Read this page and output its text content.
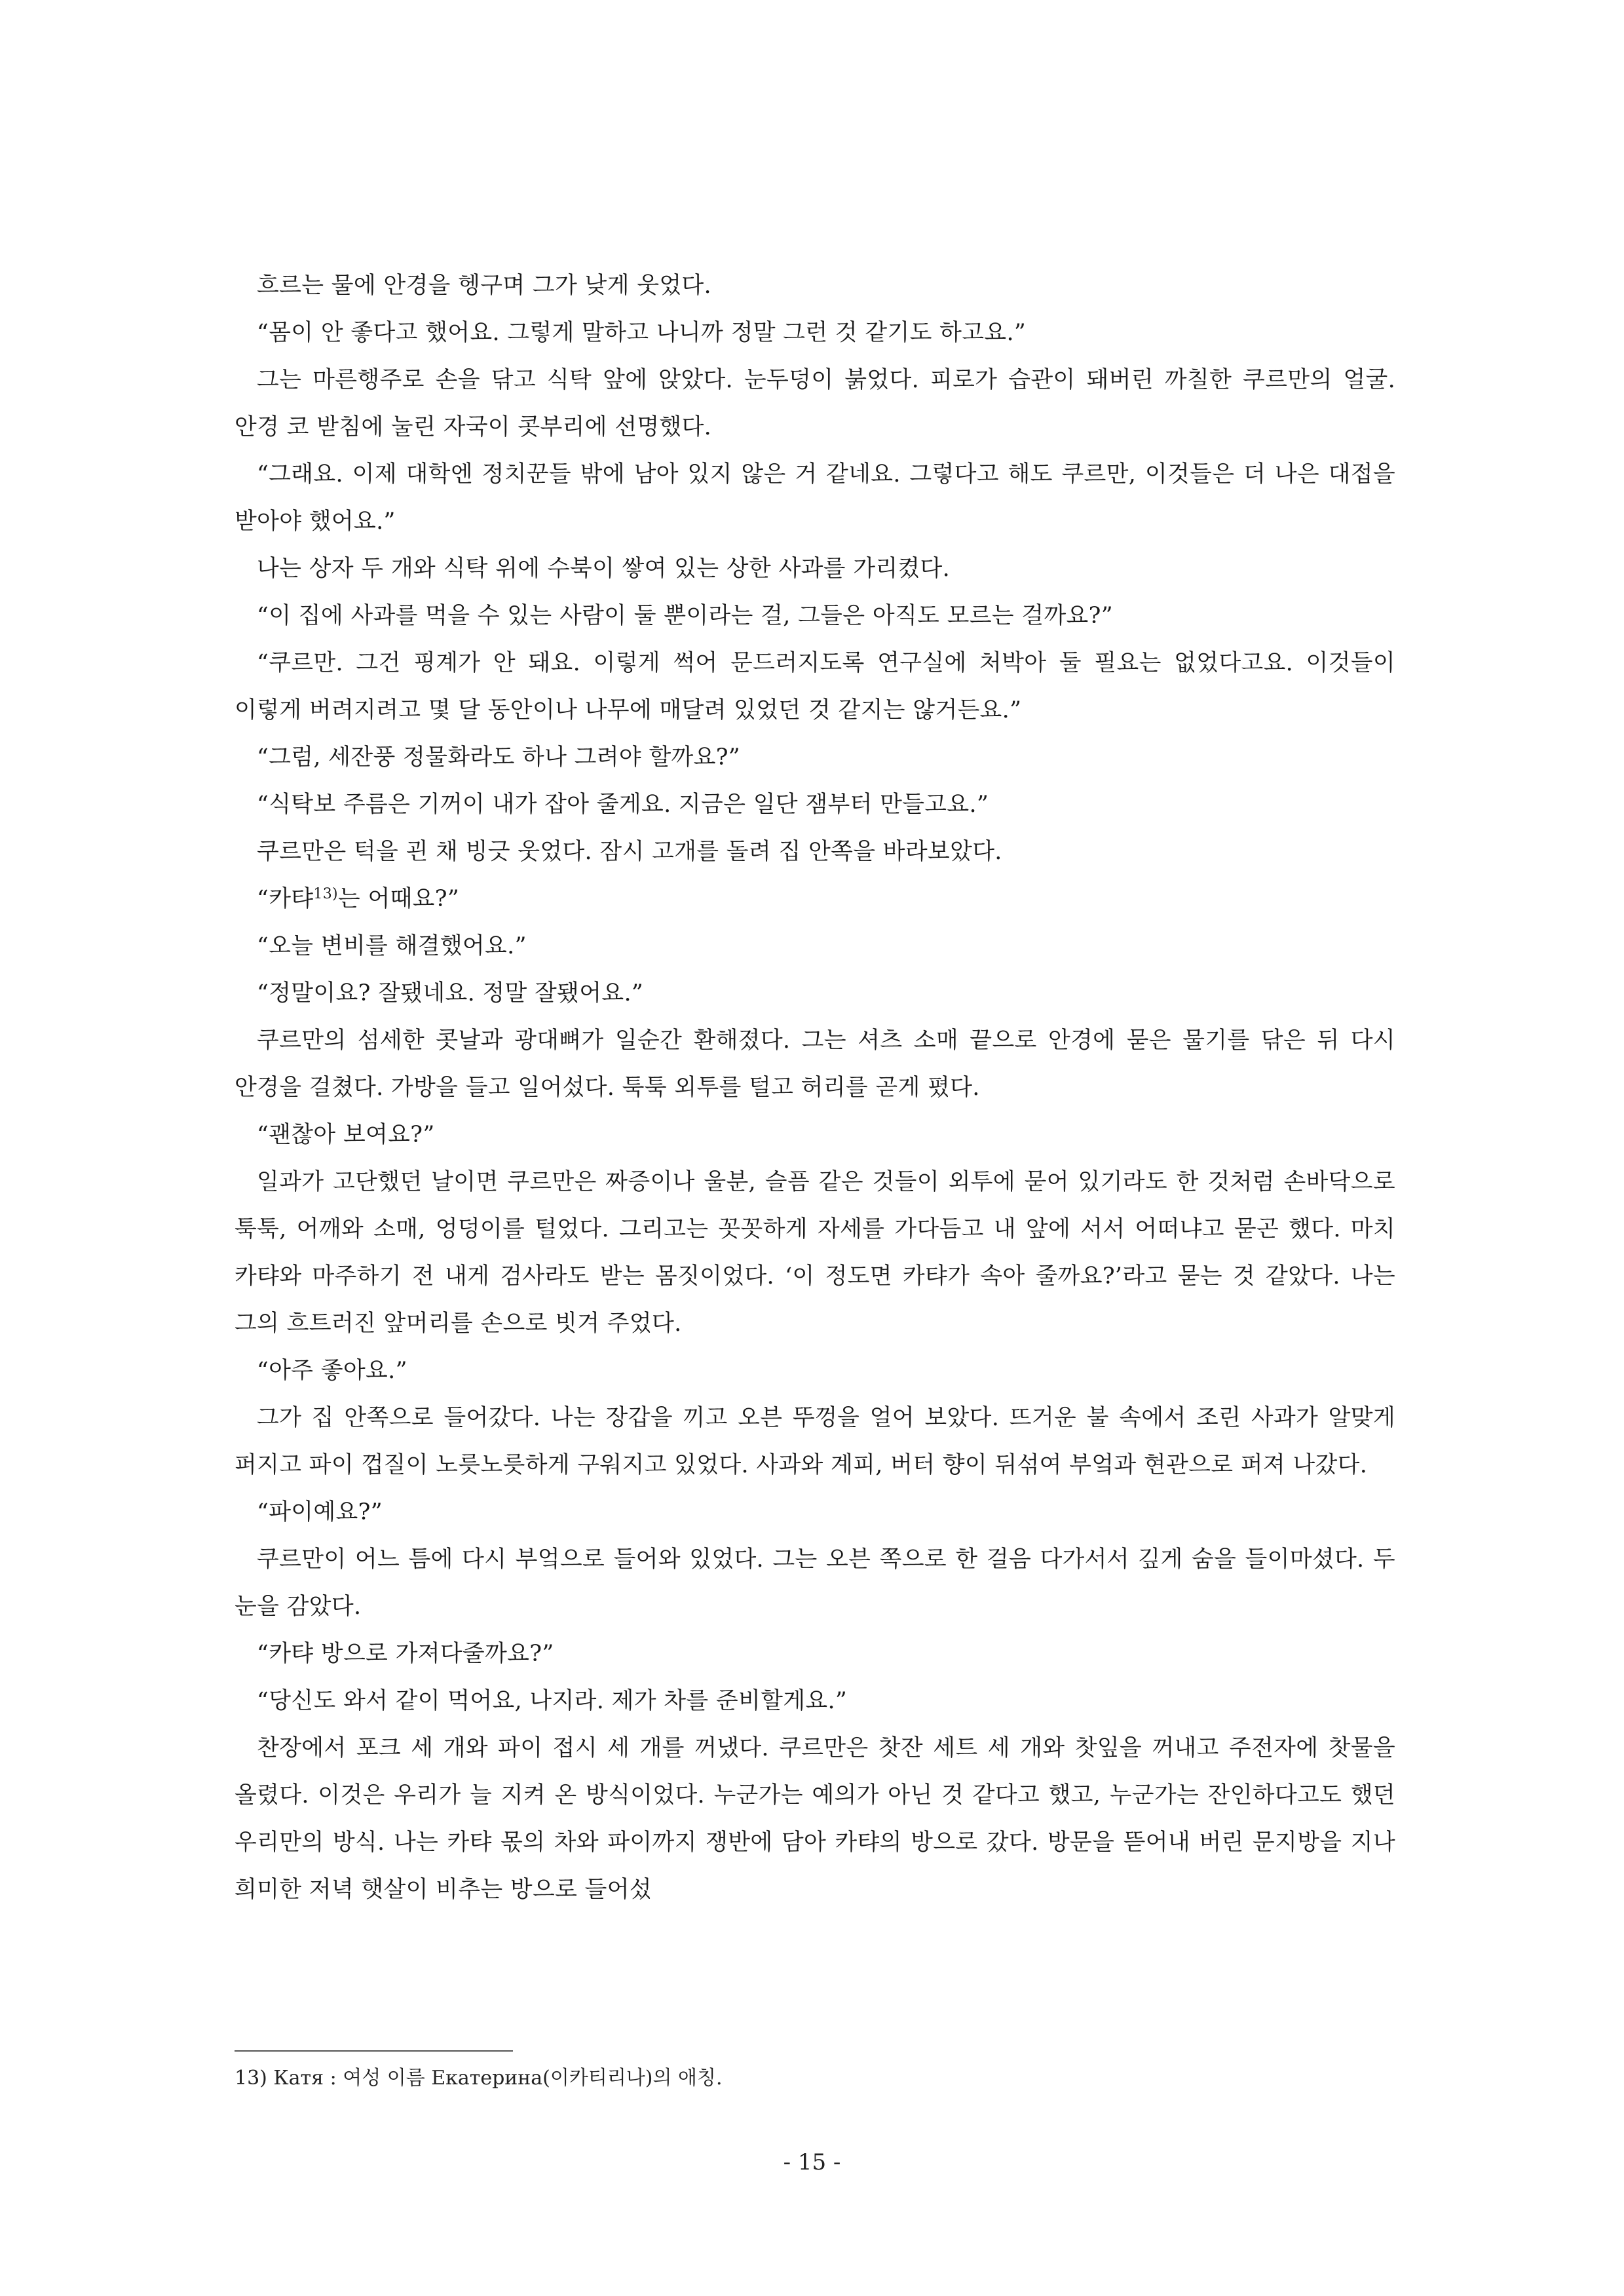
흐르는 물에 안경을 헹구며 그가 낮게 웃었다.

“몸이 안 좋다고 했어요. 그렇게 말하고 나니까 정말 그런 것 같기도 하고요.”

그는 마른행주로 손을 닦고 식탁 앞에 앉았다. 눈두덩이 붉었다. 피로가 습관이 돼버린 까칠한 쿠르만의 얼굴. 안경 코 받침에 눌린 자국이 콧부리에 선명했다.

“그래요. 이제 대학엔 정치꾼들 밖에 남아 있지 않은 거 같네요. 그렇다고 해도 쿠르만, 이것들은 더 나은 대접을 받아야 했어요.”

나는 상자 두 개와 식탁 위에 수북이 쌓여 있는 상한 사과를 가리켰다.

“이 집에 사과를 먹을 수 있는 사람이 둘 뿐이라는 걸, 그들은 아직도 모르는 걸까요?”

“쿠르만. 그건 핑계가 안 돼요. 이렇게 썩어 문드러지도록 연구실에 처박아 둘 필요는 없었다고요. 이것들이 이렇게 버려지려고 몇 달 동안이나 나무에 매달려 있었던 것 같지는 않거든요.”

“그럼, 세잔풍 정물화라도 하나 그려야 할까요?”

“식탁보 주름은 기꺼이 내가 잡아 줄게요. 지금은 일단 잼부터 만들고요.”

쿠르만은 턱을 괸 채 빙긋 웃었다. 잠시 고개를 돌려 집 안쪽을 바라보았다.

“카탸$^{13)}$는 어때요?”

“오늘 변비를 해결했어요.”

“정말이요? 잘됐네요. 정말 잘됐어요.”

쿠르만의 섬세한 콧날과 광대뼈가 일순간 환해졌다. 그는 셔츠 소매 끝으로 안경에 묻은 물기를 닦은 뒤 다시 안경을 걸쳤다. 가방을 들고 일어섰다. 툭툭 외투를 털고 허리를 곧게 폈다.

“괜찮아 보여요?”

일과가 고단했던 날이면 쿠르만은 짜증이나 울분, 슬픔 같은 것들이 외투에 묻어 있기라도 한 것처럼 손바닥으로 툭툭, 어깨와 소매, 엉덩이를 털었다. 그리고는 꼿꼿하게 자세를 가다듬고 내 앞에 서서 어떠냐고 묻곤 했다. 마치 카탸와 마주하기 전 내게 검사라도 받는 몸짓이었다. ‘이 정도면 카탸가 속아 줄까요?’라고 묻는 것 같았다. 나는 그의 흐트러진 앞머리를 손으로 빗겨 주었다.

“아주 좋아요.”

그가 집 안쪽으로 들어갔다. 나는 장갑을 끼고 오븐 뚜껑을 얼어 보았다. 뜨거운 불 속에서 조린 사과가 알맞게 퍼지고 파이 껍질이 노릇노릇하게 구워지고 있었다. 사과와 계피, 버터 향이 뒤섞여 부엌과 현관으로 퍼져 나갔다.

“파이예요?”

쿠르만이 어느 틈에 다시 부엌으로 들어와 있었다. 그는 오븐 쪽으로 한 걸음 다가서서 깊게 숨을 들이마셨다. 두 눈을 감았다.

“카탸 방으로 가져다줄까요?”

“당신도 와서 같이 먹어요, 나지라. 제가 차를 준비할게요.”

찬장에서 포크 세 개와 파이 접시 세 개를 꺼냈다. 쿠르만은 찻잔 세트 세 개와 찻잎을 꺼내고 주전자에 찻물을 올렸다. 이것은 우리가 늘 지켜 온 방식이었다. 누군가는 예의가 아닌 것 같다고 했고, 누군가는 잔인하다고도 했던 우리만의 방식. 나는 카탸 몫의 차와 파이까지 쟁반에 담아 카탸의 방으로 갔다. 방문을 뜯어내 버린 문지방을 지나 희미한 저녁 햇살이 비추는 방으로 들어섰

13) Катя : 여성 이름 Екатерина(이카티리나)의 애칭.
- 15 -
